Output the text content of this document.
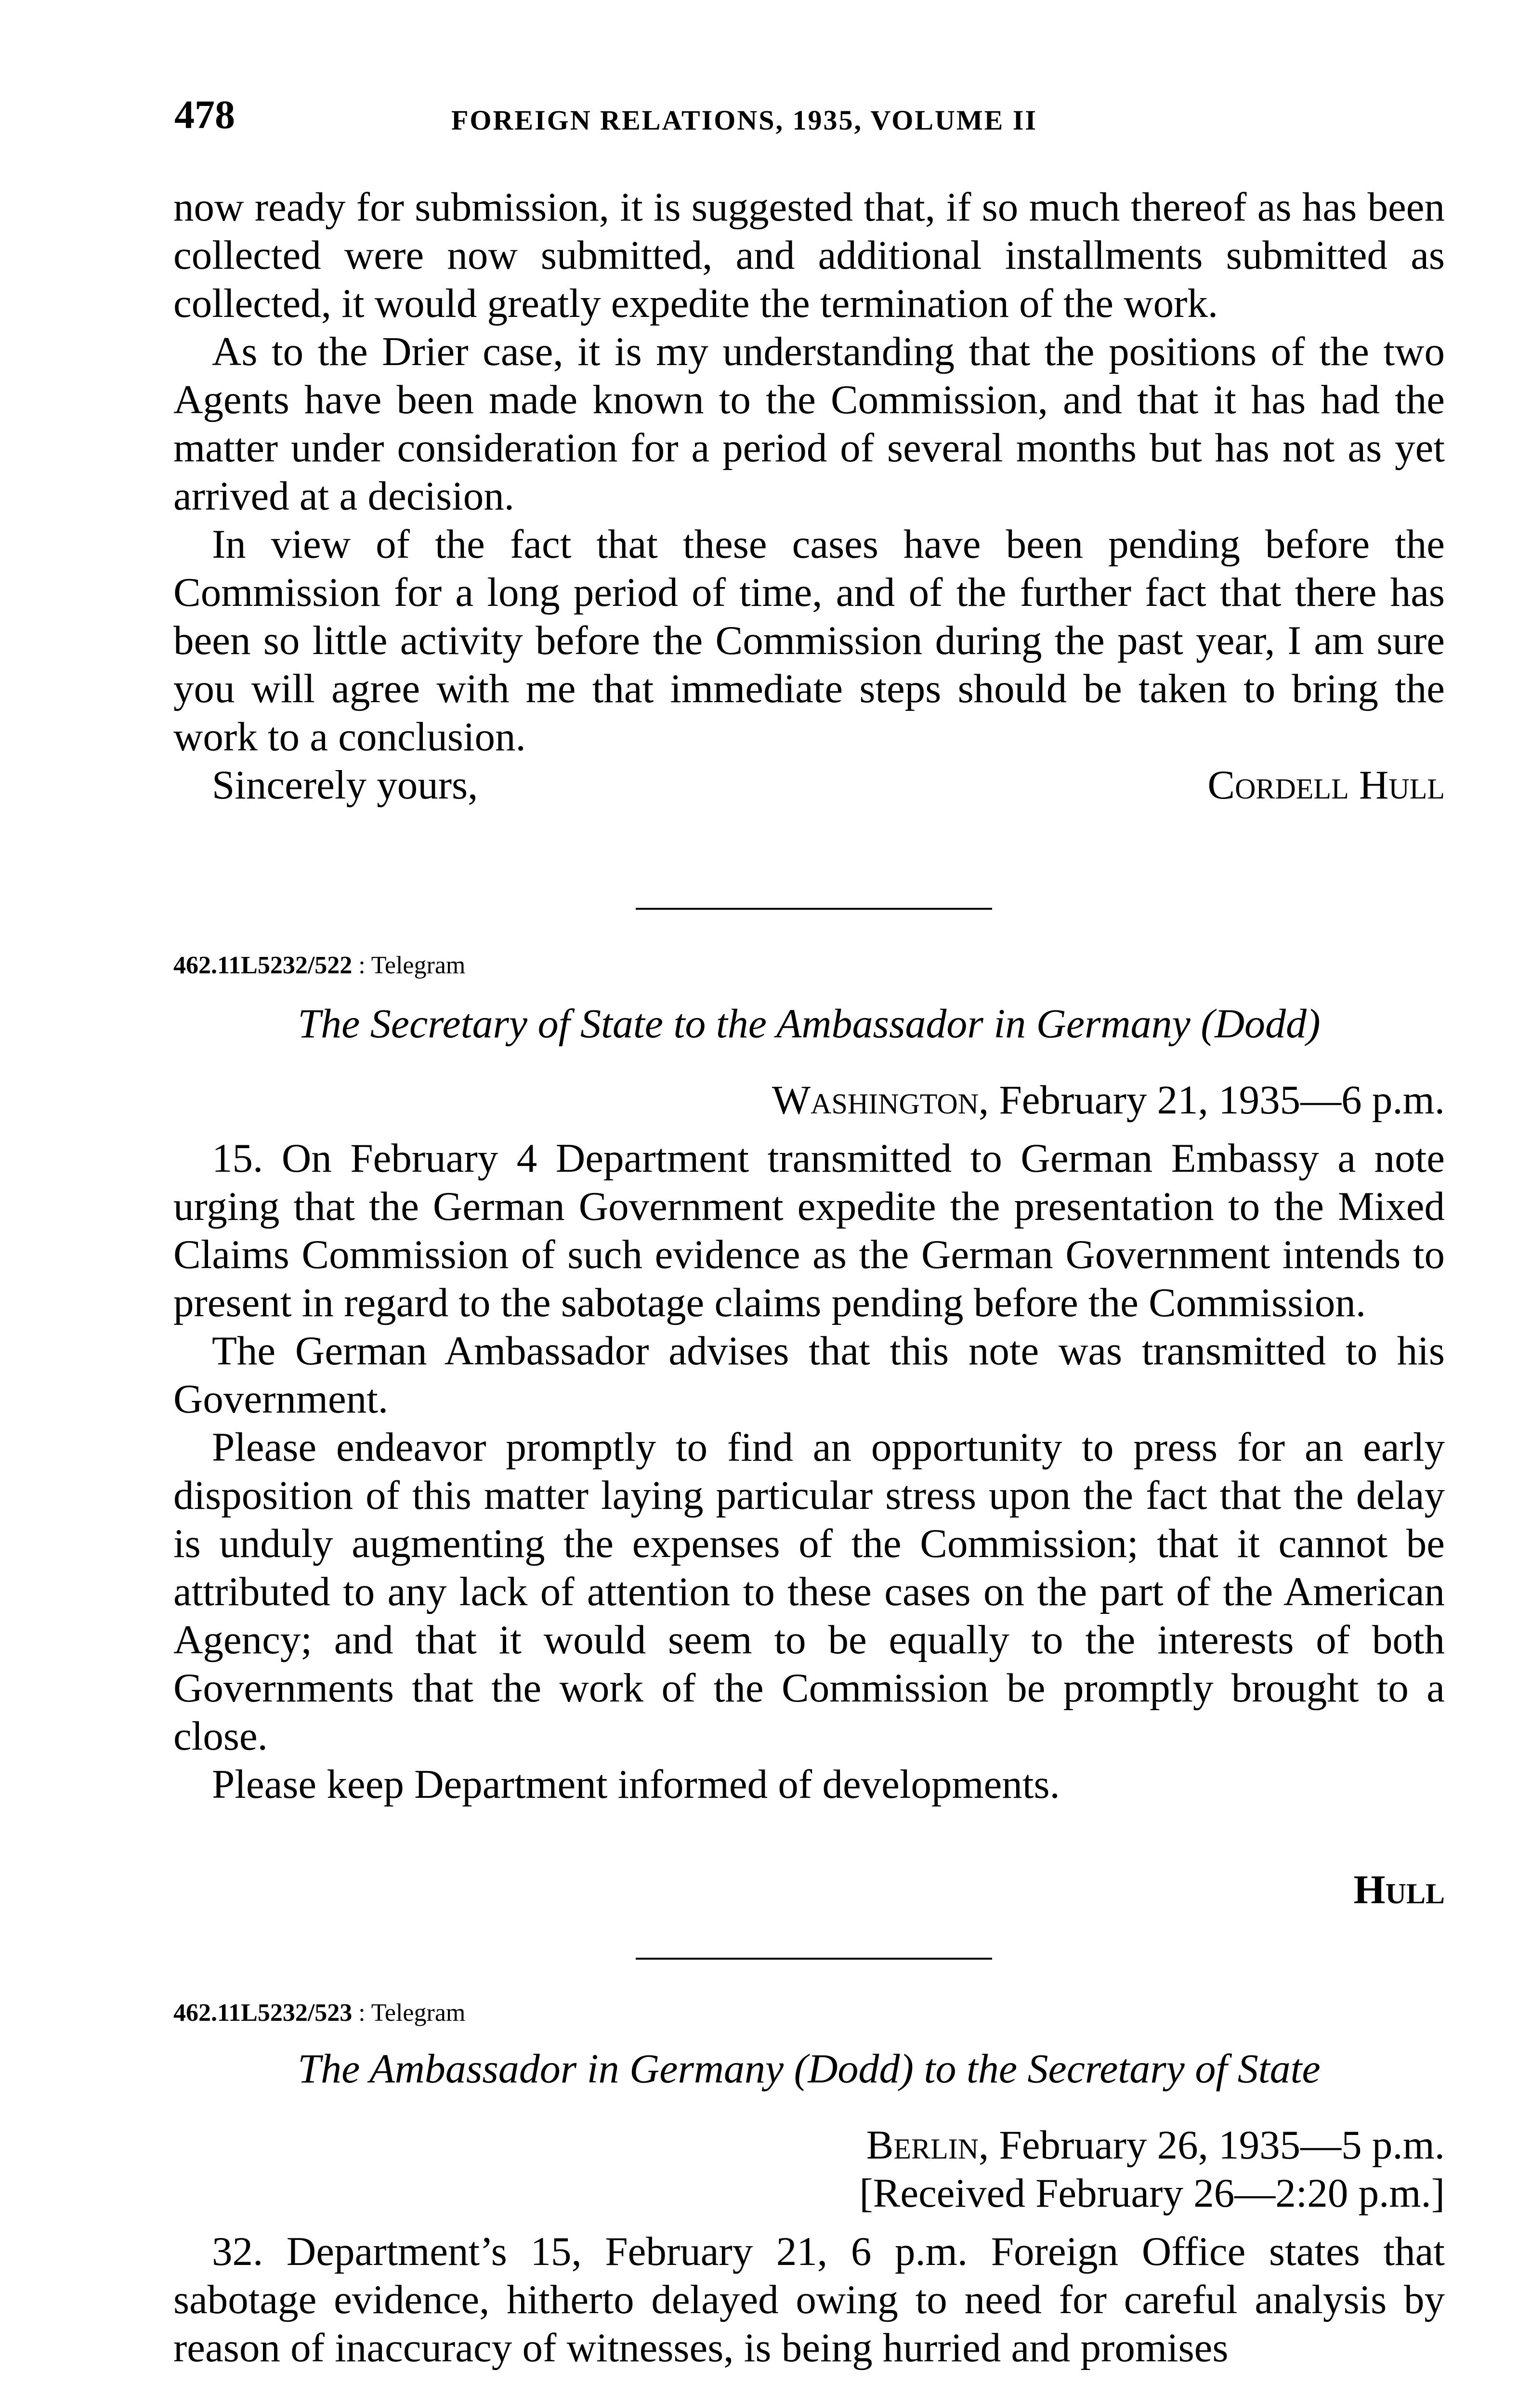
478	FOREIGN RELATIONS, 1935, VOLUME II

now ready for submission, it is suggested that, if so much thereof as has been collected were now submitted, and additional installments submitted as collected, it would greatly expedite the termination of the work.

As to the Drier case, it is my understanding that the positions of the two Agents have been made known to the Commission, and that it has had the matter under consideration for a period of several months but has not as yet arrived at a decision.

In view of the fact that these cases have been pending before the Commission for a long period of time, and of the further fact that there has been so little activity before the Commission during the past year, I am sure you will agree with me that immediate steps should be taken to bring the work to a conclusion.

Sincerely yours,	Cordell Hull
462.11L5232/522 : Telegram
The Secretary of State to the Ambassador in Germany (Dodd)
Washington, February 21, 1935—6 p.m.

15. On February 4 Department transmitted to German Embassy a note urging that the German Government expedite the presentation to the Mixed Claims Commission of such evidence as the German Government intends to present in regard to the sabotage claims pending before the Commission.

The German Ambassador advises that this note was transmitted to his Government.

Please endeavor promptly to find an opportunity to press for an early disposition of this matter laying particular stress upon the fact that the delay is unduly augmenting the expenses of the Commission; that it cannot be attributed to any lack of attention to these cases on the part of the American Agency; and that it would seem to be equally to the interests of both Governments that the work of the Commission be promptly brought to a close.

Please keep Department informed of developments.

Hull
462.11L5232/523 : Telegram
The Ambassador in Germany (Dodd) to the Secretary of State
Berlin, February 26, 1935—5 p.m.
[Received February 26—2:20 p.m.]

32. Department’s 15, February 21, 6 p.m. Foreign Office states that sabotage evidence, hitherto delayed owing to need for careful analysis by reason of inaccuracy of witnesses, is being hurried and promises
